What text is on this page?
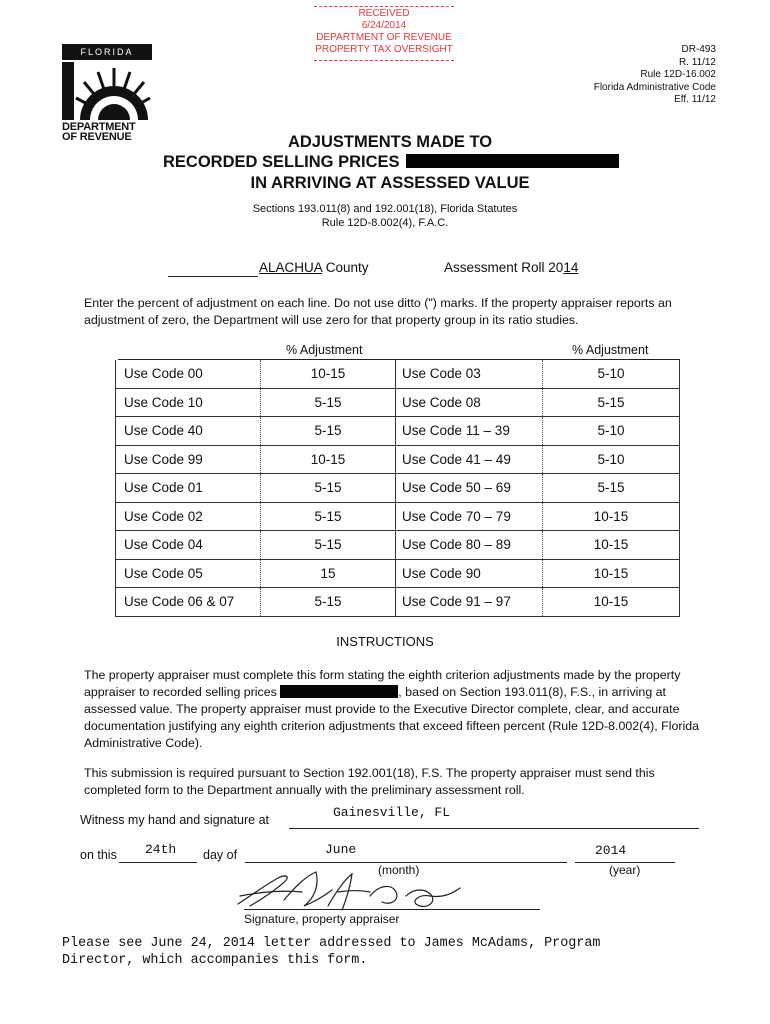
RECEIVED
6/24/2014
DEPARTMENT OF REVENUE
PROPERTY TAX OVERSIGHT
FLORIDA
DEPARTMENT
OF REVENUE
DR-493
R. 11/12
Rule 12D-16.002
Florida Administrative Code
Eff. 11/12
ADJUSTMENTS MADE TO
RECORDED SELLING PRICES
IN ARRIVING AT ASSESSED VALUE
Sections 193.011(8) and 192.001(18), Florida Statutes
Rule 12D-8.002(4), F.A.C.
ALACHUA County	Assessment Roll 2014
Enter the percent of adjustment on each line. Do not use ditto (") marks. If the property appraiser reports an adjustment of zero, the Department will use zero for that property group in its ratio studies.
% Adjustment	% Adjustment
Use Code 00	10-15	Use Code 03	5-10
Use Code 10	5-15	Use Code 08	5-15
Use Code 40	5-15	Use Code 11 – 39	5-10
Use Code 99	10-15	Use Code 41 – 49	5-10
Use Code 01	5-15	Use Code 50 – 69	5-15
Use Code 02	5-15	Use Code 70 – 79	10-15
Use Code 04	5-15	Use Code 80 – 89	10-15
Use Code 05	15	Use Code 90	10-15
Use Code 06 & 07	5-15	Use Code 91 – 97	10-15
INSTRUCTIONS
The property appraiser must complete this form stating the eighth criterion adjustments made by the property appraiser to recorded selling prices	, based on Section 193.011(8), F.S., in arriving at assessed value. The property appraiser must provide to the Executive Director complete, clear, and accurate documentation justifying any eighth criterion adjustments that exceed fifteen percent (Rule 12D-8.002(4), Florida Administrative Code).
This submission is required pursuant to Section 192.001(18), F.S. The property appraiser must send this completed form to the Department annually with the preliminary assessment roll.
Witness my hand and signature at	Gainesville, FL
on this 24th day of	June	2014
(month)	(year)
Signature, property appraiser
Please see June 24, 2014 letter addressed to James McAdams, Program
Director, which accompanies this form.
